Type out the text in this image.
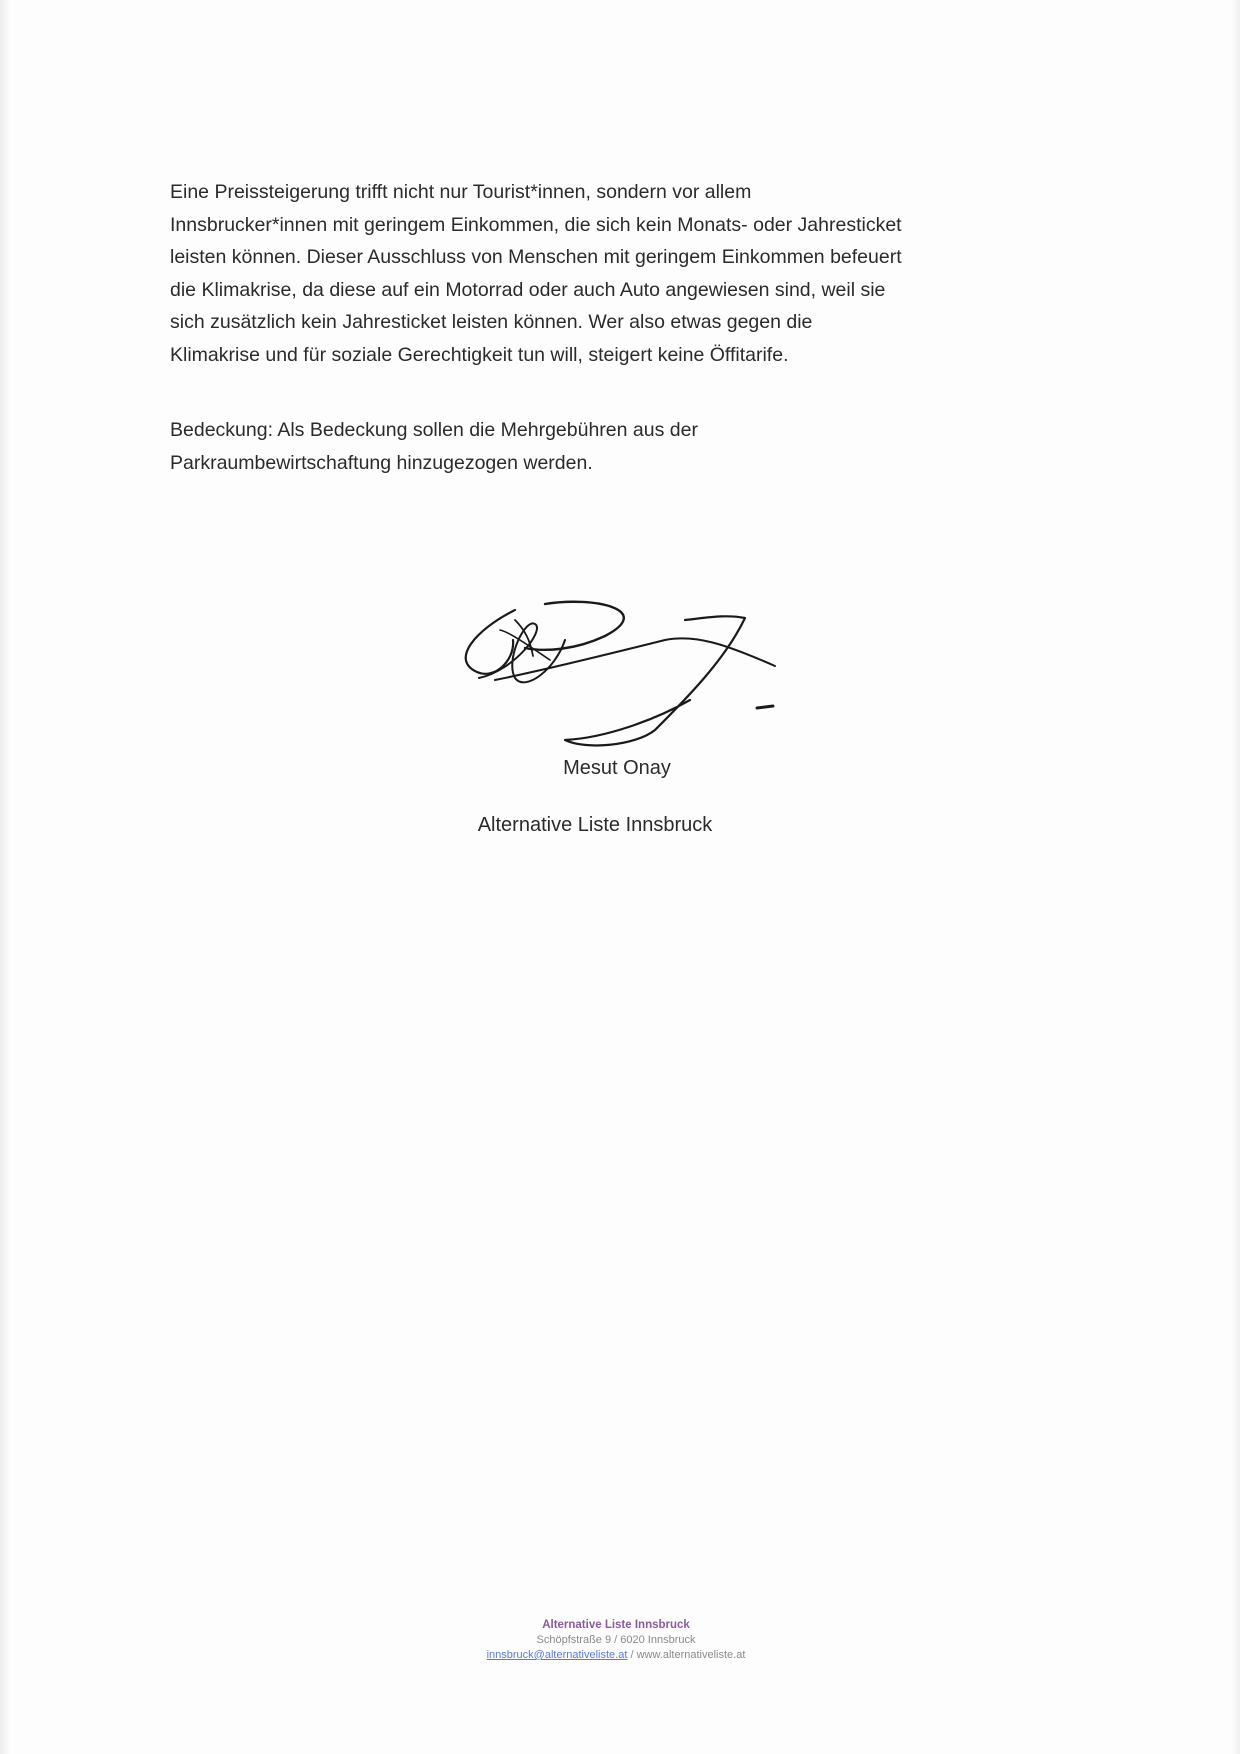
Eine Preissteigerung trifft nicht nur Tourist*innen, sondern vor allem
Innsbrucker*innen mit geringem Einkommen, die sich kein Monats- oder Jahresticket
leisten können. Dieser Ausschluss von Menschen mit geringem Einkommen befeuert
die Klimakrise, da diese auf ein Motorrad oder auch Auto angewiesen sind, weil sie
sich zusätzlich kein Jahresticket leisten können. Wer also etwas gegen die
Klimakrise und für soziale Gerechtigkeit tun will, steigert keine Öffitarife.

Bedeckung: Als Bedeckung sollen die Mehrgebühren aus der
Parkraumbewirtschaftung hinzugezogen werden.

Mesut Onay
Alternative Liste Innsbruck
Alternative Liste Innsbruck
Schöpfstraße 9 / 6020 Innsbruck
innsbruck@alternativeliste.at / www.alternativeliste.at
